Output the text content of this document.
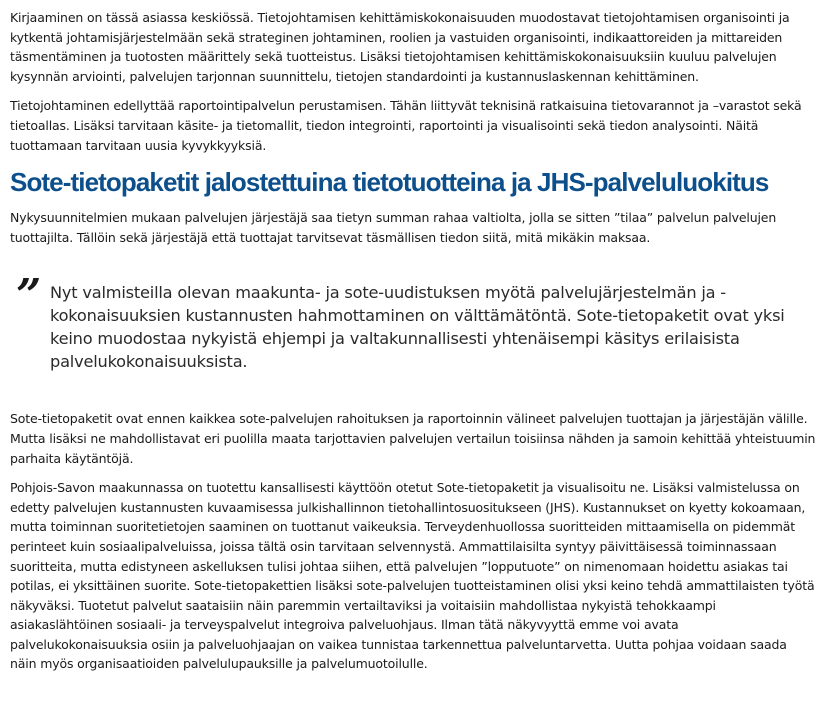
Kirjaaminen on tässä asiassa keskiössä. Tietojohtamisen kehittämiskokonaisuuden muodostavat tietojohtamisen organisointi ja kytkentä johtamisjärjestelmään sekä strateginen johtaminen, roolien ja vastuiden organisointi, indikaattoreiden ja mittareiden täsmentäminen ja tuotosten määrittely sekä tuotteistus. Lisäksi tietojohtamisen kehittämiskokonaisuuksiin kuuluu palvelujen kysynnän arviointi, palvelujen tarjonnan suunnittelu, tietojen standardointi ja kustannuslaskennan kehittäminen.

Tietojohtaminen edellyttää raportointipalvelun perustamisen. Tähän liittyvät teknisinä ratkaisuina tietovarannot ja –varastot sekä tietoallas. Lisäksi tarvitaan käsite- ja tietomallit, tiedon integrointi, raportointi ja visualisointi sekä tiedon analysointi. Näitä tuottamaan tarvitaan uusia kyvykkyyksiä.

Sote-tietopaketit jalostettuina tietotuotteina ja JHS-palveluluokitus

Nykysuunnitelmien mukaan palvelujen järjestäjä saa tietyn summan rahaa valtiolta, jolla se sitten ”tilaa” palvelun palvelujen tuottajilta. Tällöin sekä järjestäjä että tuottajat tarvitsevat täsmällisen tiedon siitä, mitä mikäkin maksaa.

” Nyt valmisteilla olevan maakunta- ja sote-uudistuksen myötä palvelujärjestelmän ja -kokonaisuuksien kustannusten hahmottaminen on välttämätöntä. Sote-tietopaketit ovat yksi keino muodostaa nykyistä ehjempi ja valtakunnallisesti yhtenäisempi käsitys erilaisista palvelukokonaisuuksista.

Sote-tietopaketit ovat ennen kaikkea sote-palvelujen rahoituksen ja raportoinnin välineet palvelujen tuottajan ja järjestäjän välille. Mutta lisäksi ne mahdollistavat eri puolilla maata tarjottavien palvelujen vertailun toisiinsa nähden ja samoin kehittää yhteistuumin parhaita käytäntöjä.

Pohjois-Savon maakunnassa on tuotettu kansallisesti käyttöön otetut Sote-tietopaketit ja visualisoitu ne. Lisäksi valmistelussa on edetty palvelujen kustannusten kuvaamisessa julkishallinnon tietohallintosuositukseen (JHS). Kustannukset on kyetty kokoamaan, mutta toiminnan suoritetietojen saaminen on tuottanut vaikeuksia. Terveydenhuollossa suoritteiden mittaamisella on pidemmät perinteet kuin sosiaalipalveluissa, joissa tältä osin tarvitaan selvennystä. Ammattilaisilta syntyy päivittäisessä toiminnassaan suoritteita, mutta edistyneen askelluksen tulisi johtaa siihen, että palvelujen ”lopputuote” on nimenomaan hoidettu asiakas tai potilas, ei yksittäinen suorite. Sote-tietopakettien lisäksi sote-palvelujen tuotteistaminen olisi yksi keino tehdä ammattilaisten työtä näkyväksi. Tuotetut palvelut saataisiin näin paremmin vertailtaviksi ja voitaisiin mahdollistaa nykyistä tehokkaampi asiakaslähtöinen sosiaali- ja terveyspalvelut integroiva palveluohjaus. Ilman tätä näkyvyyttä emme voi avata palvelukokonaisuuksia osiin ja palveluohjaajan on vaikea tunnistaa tarkennettua palveluntarvetta. Uutta pohjaa voidaan saada näin myös organisaatioiden palvelulupauksille ja palvelumuotoilulle.
